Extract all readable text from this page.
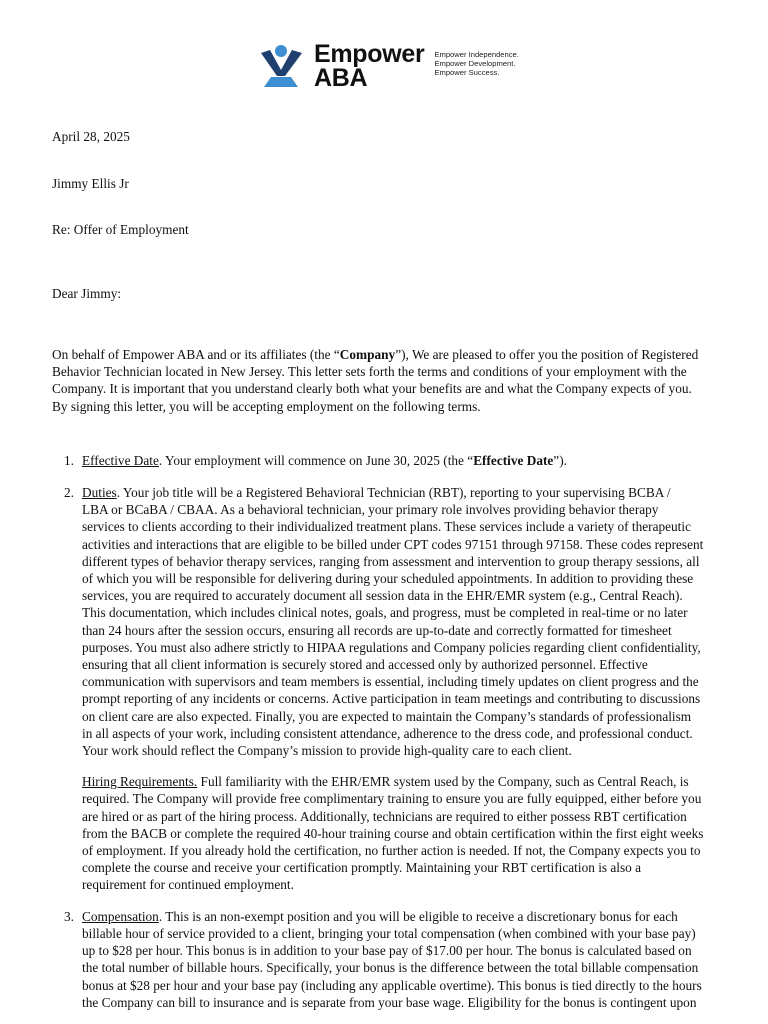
Empower
ABA
Empower Independence.
Empower Development.
Empower Success.
April 28, 2025
Jimmy Ellis Jr
Re: Offer of Employment
Dear Jimmy:
On behalf of Empower ABA and or its affiliates (the “Company”), We are pleased to offer you the position of Registered
Behavior Technician located in New Jersey. This letter sets forth the terms and conditions of your employment with the
Company. It is important that you understand clearly both what your benefits are and what the Company expects of you.
By signing this letter, you will be accepting employment on the following terms.
1. Effective Date. Your employment will commence on June 30, 2025 (the “Effective Date”).
2. Duties. Your job title will be a Registered Behavioral Technician (RBT), reporting to your supervising BCBA /
LBA or BCaBA / CBAA. As a behavioral technician, your primary role involves providing behavior therapy
services to clients according to their individualized treatment plans. These services include a variety of therapeutic
activities and interactions that are eligible to be billed under CPT codes 97151 through 97158. These codes represent
different types of behavior therapy services, ranging from assessment and intervention to group therapy sessions, all
of which you will be responsible for delivering during your scheduled appointments. In addition to providing these
services, you are required to accurately document all session data in the EHR/EMR system (e.g., Central Reach).
This documentation, which includes clinical notes, goals, and progress, must be completed in real-time or no later
than 24 hours after the session occurs, ensuring all records are up-to-date and correctly formatted for timesheet
purposes. You must also adhere strictly to HIPAA regulations and Company policies regarding client confidentiality,
ensuring that all client information is securely stored and accessed only by authorized personnel. Effective
communication with supervisors and team members is essential, including timely updates on client progress and the
prompt reporting of any incidents or concerns. Active participation in team meetings and contributing to discussions
on client care are also expected. Finally, you are expected to maintain the Company’s standards of professionalism
in all aspects of your work, including consistent attendance, adherence to the dress code, and professional conduct.
Your work should reflect the Company’s mission to provide high-quality care to each client.
Hiring Requirements. Full familiarity with the EHR/EMR system used by the Company, such as Central Reach, is
required. The Company will provide free complimentary training to ensure you are fully equipped, either before you
are hired or as part of the hiring process. Additionally, technicians are required to either possess RBT certification
from the BACB or complete the required 40-hour training course and obtain certification within the first eight weeks
of employment. If you already hold the certification, no further action is needed. If not, the Company expects you to
complete the course and receive your certification promptly. Maintaining your RBT certification is also a
requirement for continued employment.
3. Compensation. This is an non-exempt position and you will be eligible to receive a discretionary bonus for each
billable hour of service provided to a client, bringing your total compensation (when combined with your base pay)
up to $28 per hour. This bonus is in addition to your base pay of $17.00 per hour. The bonus is calculated based on
the total number of billable hours. Specifically, your bonus is the difference between the total billable compensation
bonus at $28 per hour and your base pay (including any applicable overtime). This bonus is tied directly to the hours
the Company can bill to insurance and is separate from your base wage. Eligibility for the bonus is contingent upon
